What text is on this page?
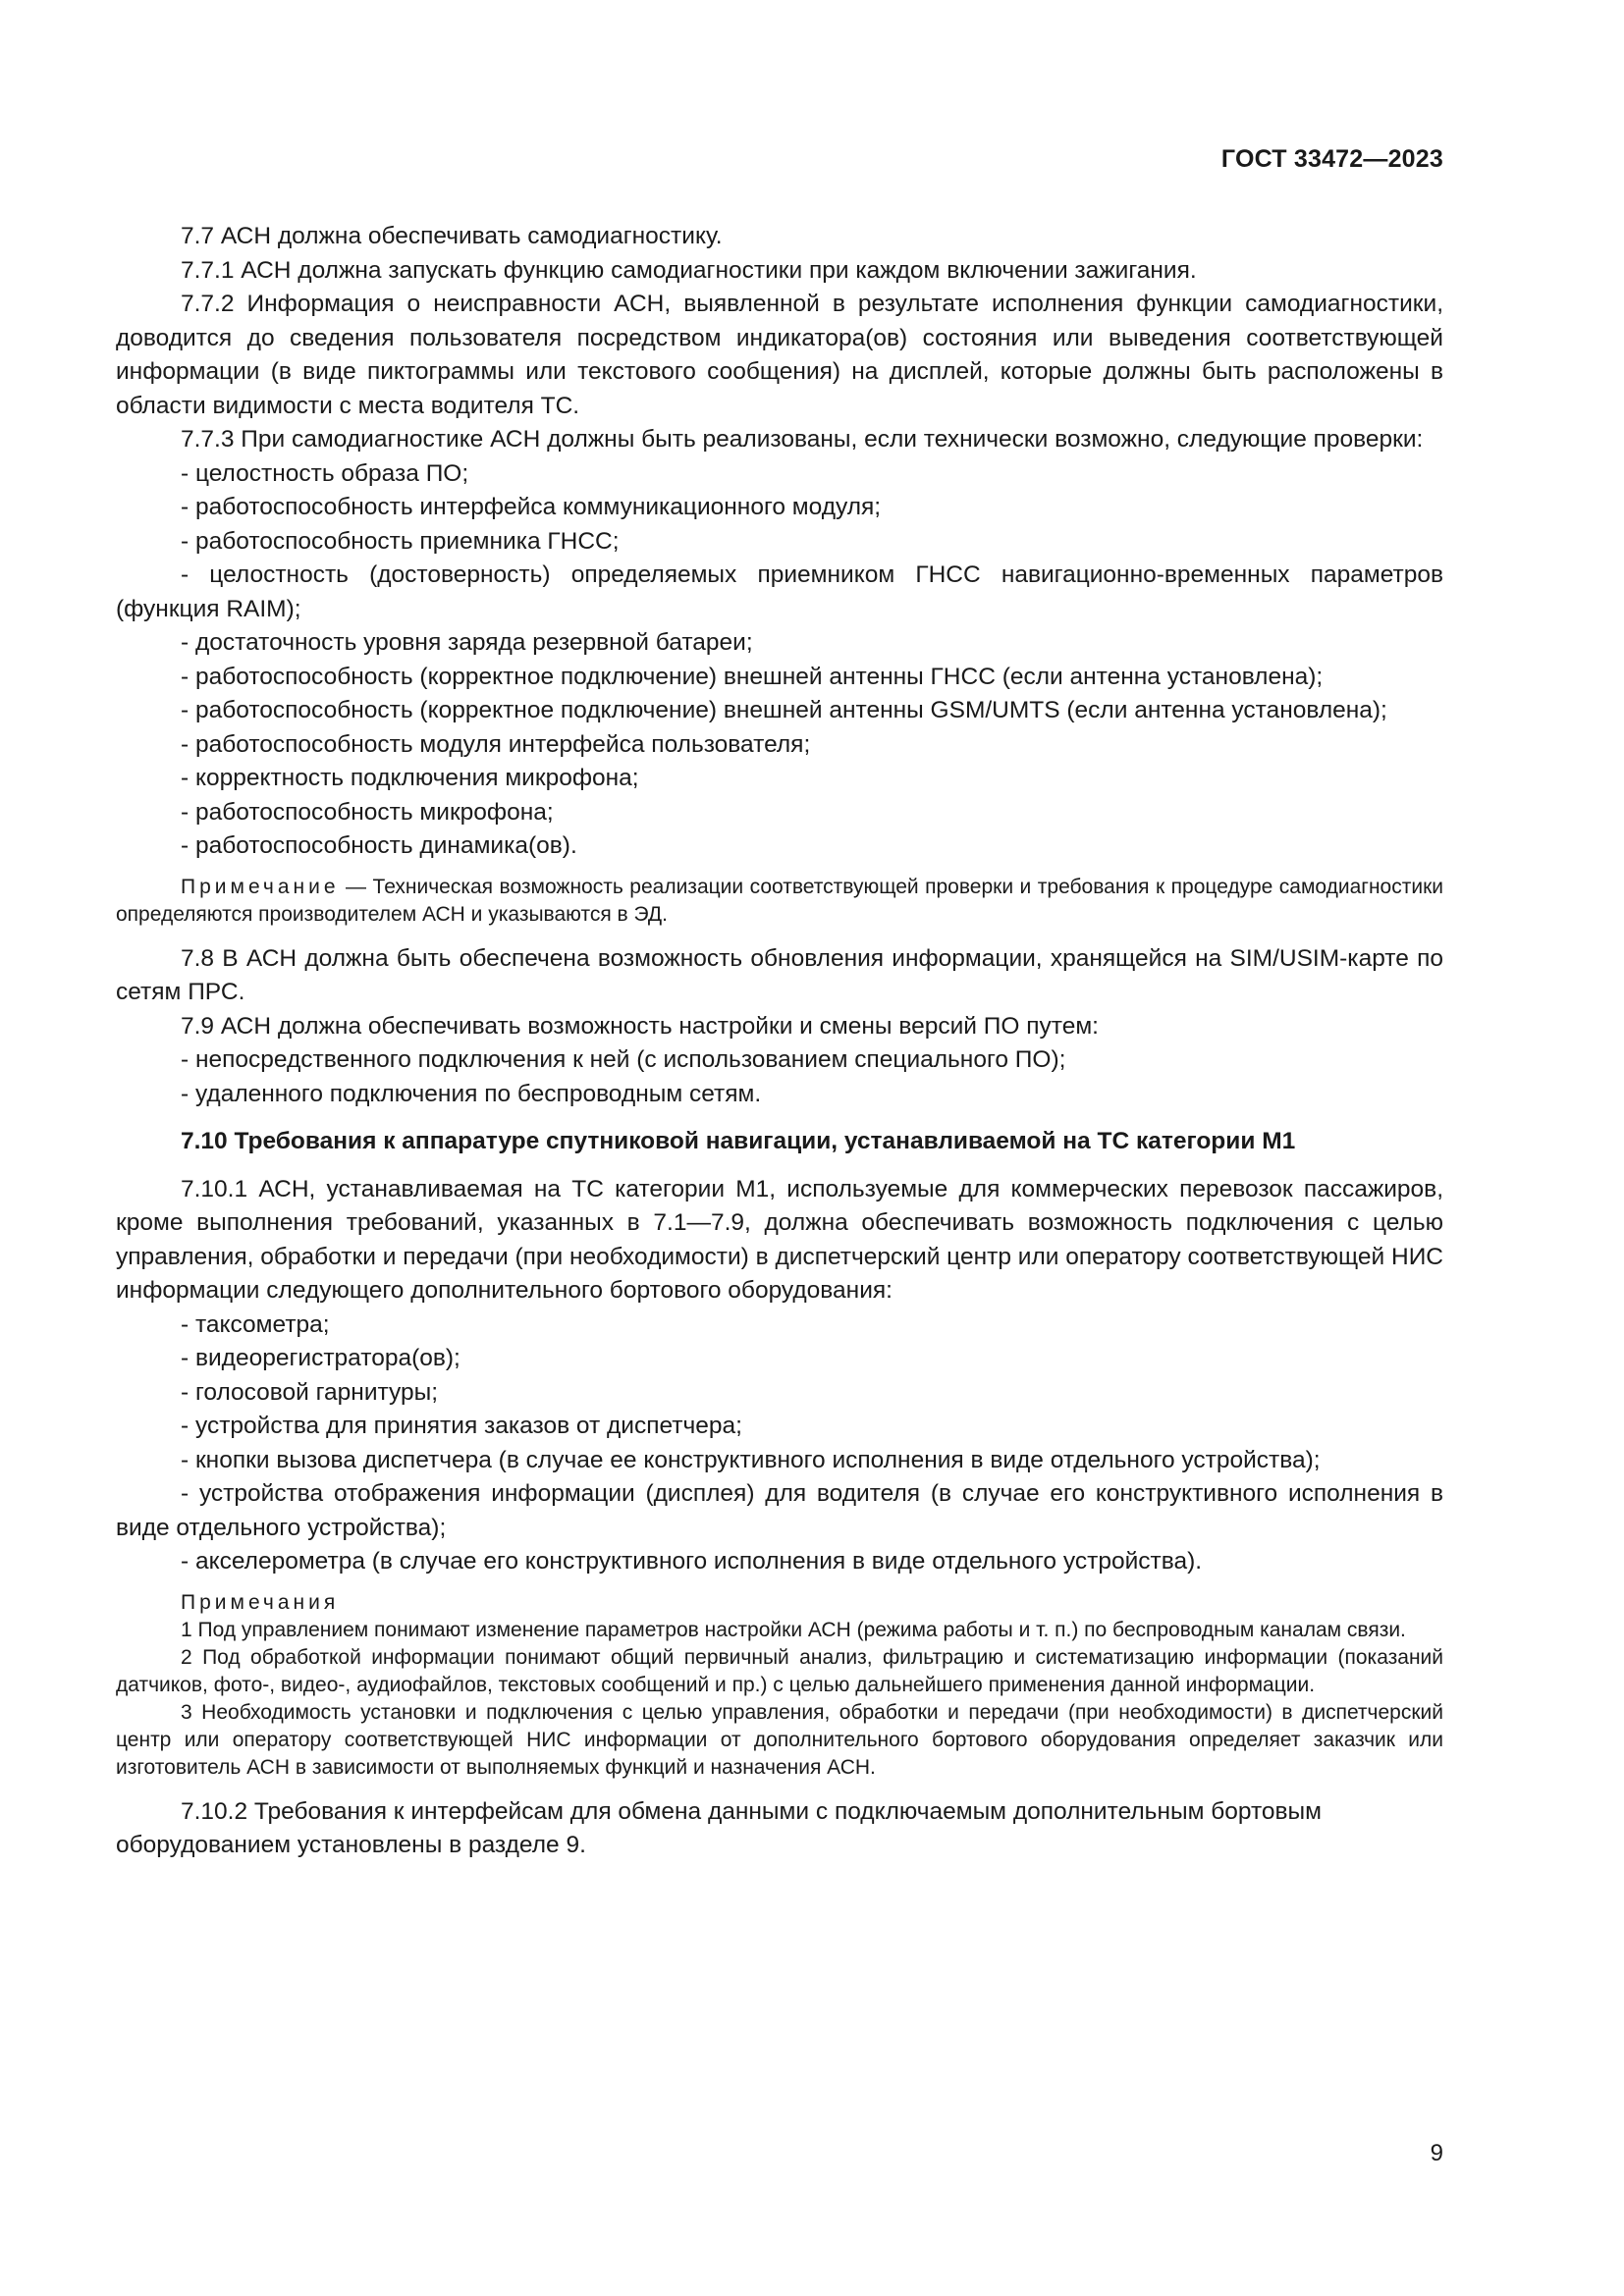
ГОСТ 33472—2023

7.7 АСН должна обеспечивать самодиагностику.

7.7.1 АСН должна запускать функцию самодиагностики при каждом включении зажигания.

7.7.2 Информация о неисправности АСН, выявленной в результате исполнения функции самодиагностики, доводится до сведения пользователя посредством индикатора(ов) состояния или выведения соответствующей информации (в виде пиктограммы или текстового сообщения) на дисплей, которые должны быть расположены в области видимости с места водителя ТС.

7.7.3 При самодиагностике АСН должны быть реализованы, если технически возможно, следующие проверки:

- целостность образа ПО;

- работоспособность интерфейса коммуникационного модуля;

- работоспособность приемника ГНСС;

- целостность (достоверность) определяемых приемником ГНСС навигационно-временных параметров (функция RAIM);

- достаточность уровня заряда резервной батареи;

- работоспособность (корректное подключение) внешней антенны ГНСС (если антенна установлена);

- работоспособность (корректное подключение) внешней антенны GSM/UMTS (если антенна установлена);

- работоспособность модуля интерфейса пользователя;

- корректность подключения микрофона;

- работоспособность микрофона;

- работоспособность динамика(ов).

Примечание — Техническая возможность реализации соответствующей проверки и требования к процедуре самодиагностики определяются производителем АСН и указываются в ЭД.

7.8 В АСН должна быть обеспечена возможность обновления информации, хранящейся на SIM/USIM-карте по сетям ПРС.

7.9 АСН должна обеспечивать возможность настройки и смены версий ПО путем:

- непосредственного подключения к ней (с использованием специального ПО);

- удаленного подключения по беспроводным сетям.

7.10 Требования к аппаратуре спутниковой навигации, устанавливаемой на ТС категории М1

7.10.1 АСН, устанавливаемая на ТС категории М1, используемые для коммерческих перевозок пассажиров, кроме выполнения требований, указанных в 7.1—7.9, должна обеспечивать возможность подключения с целью управления, обработки и передачи (при необходимости) в диспетчерский центр или оператору соответствующей НИС информации следующего дополнительного бортового оборудования:

- таксометра;

- видеорегистратора(ов);

- голосовой гарнитуры;

- устройства для принятия заказов от диспетчера;

- кнопки вызова диспетчера (в случае ее конструктивного исполнения в виде отдельного устройства);

- устройства отображения информации (дисплея) для водителя (в случае его конструктивного исполнения в виде отдельного устройства);

- акселерометра (в случае его конструктивного исполнения в виде отдельного устройства).

Примечания

1 Под управлением понимают изменение параметров настройки АСН (режима работы и т. п.) по беспроводным каналам связи.

2 Под обработкой информации понимают общий первичный анализ, фильтрацию и систематизацию информации (показаний датчиков, фото-, видео-, аудиофайлов, текстовых сообщений и пр.) с целью дальнейшего применения данной информации.

3 Необходимость установки и подключения с целью управления, обработки и передачи (при необходимости) в диспетчерский центр или оператору соответствующей НИС информации от дополнительного бортового оборудования определяет заказчик или изготовитель АСН в зависимости от выполняемых функций и назначения АСН.

7.10.2 Требования к интерфейсам для обмена данными с подключаемым дополнительным бортовым оборудованием установлены в разделе 9.

9
